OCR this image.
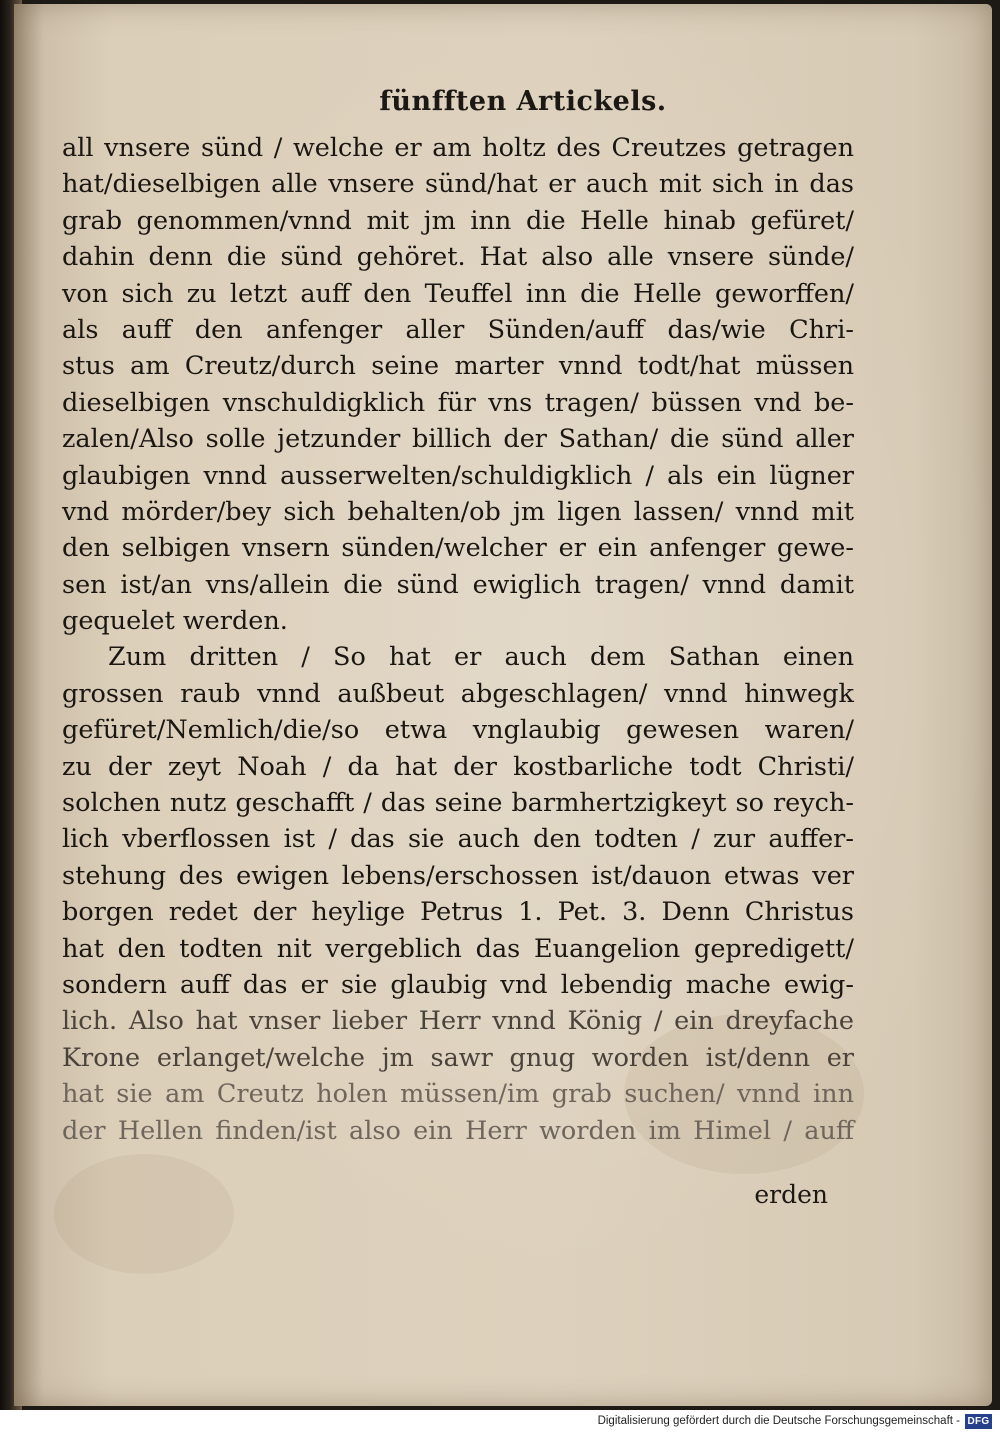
fünfften Artickels.
all vnsere sünd / welche er am holtz des Creutzes getragen
hat/dieselbigen alle vnsere sünd/hat er auch mit sich in das
grab genommen/vnnd mit jm inn die Helle hinab gefüret/
dahin denn die sünd gehöret. Hat also alle vnsere sünde/
von sich zu letzt auff den Teuffel inn die Helle geworffen/
als auff den anfenger aller Sünden/auff das/wie Chri-
stus am Creutz/durch seine marter vnnd todt/hat müssen
dieselbigen vnschuldigklich für vns tragen/ büssen vnd be-
zalen/Also solle jetzunder billich der Sathan/ die sünd aller
glaubigen vnnd ausserwelten/schuldigklich / als ein lügner
vnd mörder/bey sich behalten/ob jm ligen lassen/ vnnd mit
den selbigen vnsern sünden/welcher er ein anfenger gewe-
sen ist/an vns/allein die sünd ewiglich tragen/ vnnd damit
gequelet werden.
Zum dritten / So hat er auch dem Sathan einen
grossen raub vnnd außbeut abgeschlagen/ vnnd hinwegk
gefüret/Nemlich/die/so etwa vnglaubig gewesen waren/
zu der zeyt Noah / da hat der kostbarliche todt Christi/
solchen nutz geschafft / das seine barmhertzigkeyt so reych-
lich vberflossen ist / das sie auch den todten / zur auffer-
stehung des ewigen lebens/erschossen ist/dauon etwas ver
borgen redet der heylige Petrus 1. Pet. 3. Denn Christus
hat den todten nit vergeblich das Euangelion gepredigett/
sondern auff das er sie glaubig vnd lebendig mache ewig-
lich. Also hat vnser lieber Herr vnnd König / ein dreyfache
Krone erlanget/welche jm sawr gnug worden ist/denn er
hat sie am Creutz holen müssen/im grab suchen/ vnnd inn
der Hellen finden/ist also ein Herr worden im Himel / auff
erden
Digitalisierung gefördert durch die Deutsche Forschungsgemeinschaft - DFG
